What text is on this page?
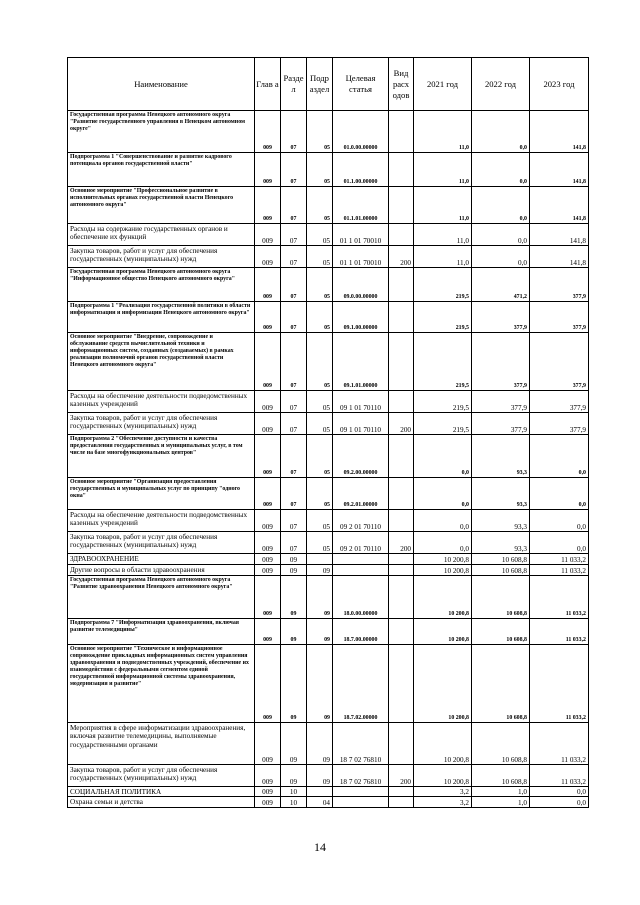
Наименование	Глав а	Разде л	Подр аздел	Целевая статья	Вид расх одов	2021 год	2022 год	2023 год
Государственная программа Ненецкого автономного округа "Развитие государственного управления в Ненецком автономном округе"	009	07	05	01.0.00.00000		11,0	0,0	141,8
Подпрограмма 1 "Совершенствование и развитие кадрового потенциала органов государственной власти"	009	07	05	01.1.00.00000		11,0	0,0	141,8
Основное мероприятие "Профессиональное развитие в исполнительных органах государственной власти Ненецкого автономного округа"	009	07	05	01.1.01.00000		11,0	0,0	141,8
Расходы на содержание государственных органов и обеспечение их функций	009	07	05	01 1 01 70010		11,0	0,0	141,8
Закупка товаров, работ и услуг для обеспечения государственных (муниципальных) нужд	009	07	05	01 1 01 70010	200	11,0	0,0	141,8
Государственная программа Ненецкого автономного округа "Информационное общество Ненецкого автономного округа"	009	07	05	09.0.00.00000		219,5	471,2	377,9
Подпрограмма 1 "Реализация государственной политики в области информатизации и информизации Ненецкого автономного округа"	009	07	05	09.1.00.00000		219,5	377,9	377,9
Основное мероприятие "Внедрение, сопровождение и обслуживание средств вычислительной техники и информационных систем, созданных (создаваемых) в рамках реализации полномочий органов государственной власти Ненецкого автономного округа"	009	07	05	09.1.01.00000		219,5	377,9	377,9
Расходы на обеспечение деятельности подведомственных казенных учреждений	009	07	05	09 1 01 70110		219,5	377,9	377,9
Закупка товаров, работ и услуг для обеспечения государственных (муниципальных) нужд	009	07	05	09 1 01 70110	200	219,5	377,9	377,9
Подпрограмма 2 "Обеспечение доступности и качества предоставления государственных и муниципальных услуг, в том числе на базе многофункциональных центров"	009	07	05	09.2.00.00000		0,0	93,3	0,0
Основное мероприятие "Организация предоставления государственных и муниципальных услуг по принципу "одного окна"	009	07	05	09.2.01.00000		0,0	93,3	0,0
Расходы на обеспечение деятельности подведомственных казенных учреждений	009	07	05	09 2 01 70110		0,0	93,3	0,0
Закупка товаров, работ и услуг для обеспечения государственных (муниципальных) нужд	009	07	05	09 2 01 70110	200	0,0	93,3	0,0
ЗДРАВООХРАНЕНИЕ	009	09				10 200,8	10 608,8	11 033,2
Другие вопросы в области здравоохранения	009	09	09			10 200,8	10 608,8	11 033,2
Государственная программа Ненецкого автономного округа "Развитие здравоохранения Ненецкого автономного округа"	009	09	09	18.0.00.00000		10 200,8	10 608,8	11 033,2
Подпрограмма 7 "Информатизация здравоохранения, включая развитие телемедицины"	009	09	09	18.7.00.00000		10 200,8	10 608,8	11 033,2
Основное мероприятие "Техническое и информационное сопровождение прикладных информационных систем управления здравоохранения и подведомственных учреждений, обеспечение их взаимодействия с федеральными сегментом единой государственной информационной системы здравоохранения, модернизация и развитие"	009	09	09	18.7.02.00000		10 200,8	10 608,8	11 033,2
Мероприятия в сфере информатизации здравоохранения, включая развитие телемедицины, выполняемые государственными органами	009	09	09	18 7 02 76810		10 200,8	10 608,8	11 033,2
Закупка товаров, работ и услуг для обеспечения государственных (муниципальных) нужд	009	09	09	18 7 02 76810	200	10 200,8	10 608,8	11 033,2
СОЦИАЛЬНАЯ ПОЛИТИКА	009	10				3,2	1,0	0,0
Охрана семьи и детства	009	10	04			3,2	1,0	0,0
14
